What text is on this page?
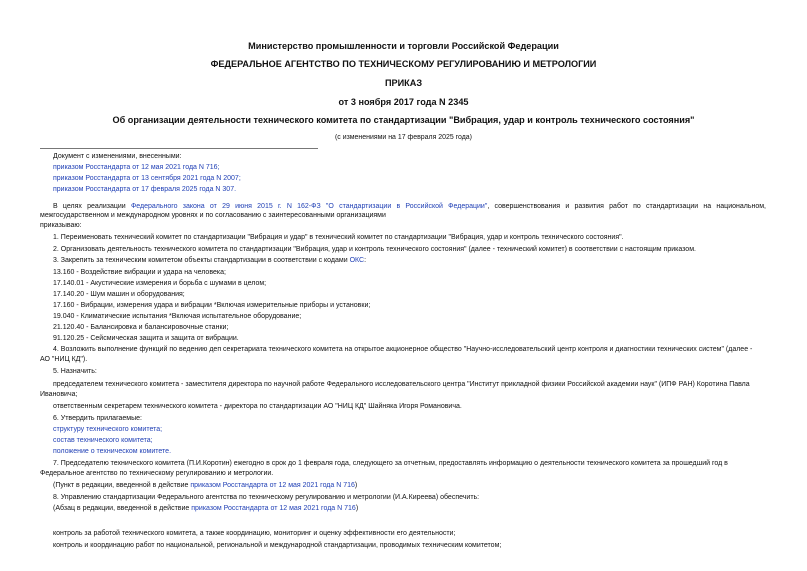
Министерство промышленности и торговли Российской Федерации
ФЕДЕРАЛЬНОЕ АГЕНТСТВО ПО ТЕХНИЧЕСКОМУ РЕГУЛИРОВАНИЮ И МЕТРОЛОГИИ
ПРИКАЗ
от 3 ноября 2017 года N 2345
Об организации деятельности технического комитета по стандартизации "Вибрация, удар и контроль технического состояния"
(с изменениями на 17 февраля 2025 года)
Документ с изменениями, внесенными:
приказом Росстандарта от 12 мая 2021 года N 716;
приказом Росстандарта от 13 сентября 2021 года N 2007;
приказом Росстандарта от 17 февраля 2025 года N 307.
В целях реализации Федерального закона от 29 июня 2015 г. N 162-ФЗ "О стандартизации в Российской Федерации", совершенствования и развития работ по стандартизации на национальном,
межгосударственном и международном уровнях и по согласованию с заинтересованными организациями
приказываю:
1. Переименовать технический комитет по стандартизации "Вибрация и удар" в технический комитет по стандартизации "Вибрация, удар и контроль технического состояния".
2. Организовать деятельность технического комитета по стандартизации "Вибрация, удар и контроль технического состояния" (далее - технический комитет) в соответствии с настоящим приказом.
3. Закрепить за техническим комитетом объекты стандартизации в соответствии с кодами ОКС:
13.160 - Воздействие вибрации и удара на человека;
17.140.01 - Акустические измерения и борьба с шумами в целом;
17.140.20 - Шум машин и оборудования;
17.160 - Вибрации, измерения удара и вибрации *Включая измерительные приборы и установки;
19.040 - Климатические испытания *Включая испытательное оборудование;
21.120.40 - Балансировка и балансировочные станки;
91.120.25 - Сейсмическая защита и защита от вибрации.
4. Возложить выполнение функций по ведению деп секретариата технического комитета на открытое акционерное общество "Научно-исследовательский центр контроля и диагностики технических систем" (далее -
АО "НИЦ КД").
5. Назначить:
председателем технического комитета - заместителя директора по научной работе Федерального исследовательского центра "Институт прикладной физики Российской академии наук" (ИПФ РАН) Коротина Павла
Ивановича;
ответственным секретарем технического комитета - директора по стандартизации АО "НИЦ КД" Шайняка Игоря Романовича.
6. Утвердить прилагаемые:
структуру технического комитета;
состав технического комитета;
положение о техническом комитете.
7. Председателю технического комитета (П.И.Коротин) ежегодно в срок до 1 февраля года, следующего за отчетным, предоставлять информацию о деятельности технического комитета за прошедший год в
Федеральное агентство по техническому регулированию и метрологии.
(Пункт в редакции, введенной в действие приказом Росстандарта от 12 мая 2021 года N 716)
8. Управлению стандартизации Федерального агентства по техническому регулированию и метрологии (И.А.Киреева) обеспечить:
(Абзац в редакции, введенной в действие приказом Росстандарта от 12 мая 2021 года N 716)
контроль за работой технического комитета, а также координацию, мониторинг и оценку эффективности его деятельности;
контроль и координацию работ по национальной, региональной и международной стандартизации, проводимых техническим комитетом;
